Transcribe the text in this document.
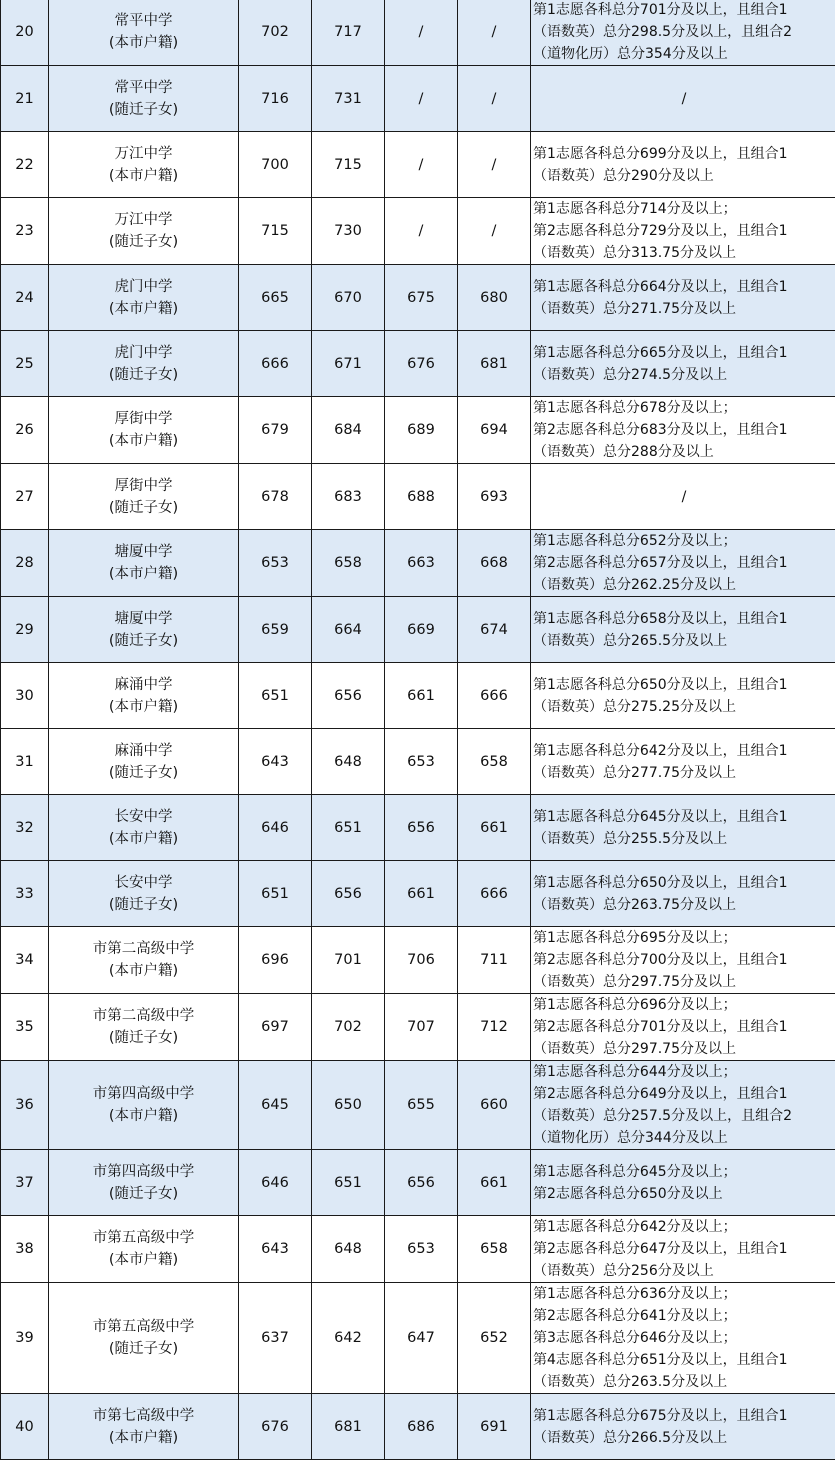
20	常平中学
(本市户籍)	702	717	/	/	第1志愿各科总分701分及以上，且组合1
（语数英）总分298.5分及以上，且组合2
（道物化历）总分354分及以上

21	常平中学
(随迁子女)	716	731	/	/	/

22	万江中学
(本市户籍)	700	715	/	/	第1志愿各科总分699分及以上，且组合1
（语数英）总分290分及以上

23	万江中学
(随迁子女)	715	730	/	/	第1志愿各科总分714分及以上；
第2志愿各科总分729分及以上，且组合1
（语数英）总分313.75分及以上

24	虎门中学
(本市户籍)	665	670	675	680	第1志愿各科总分664分及以上，且组合1
（语数英）总分271.75分及以上

25	虎门中学
(随迁子女)	666	671	676	681	第1志愿各科总分665分及以上，且组合1
（语数英）总分274.5分及以上

26	厚街中学
(本市户籍)	679	684	689	694	第1志愿各科总分678分及以上；
第2志愿各科总分683分及以上，且组合1
（语数英）总分288分及以上

27	厚街中学
(随迁子女)	678	683	688	693	/

28	塘厦中学
(本市户籍)	653	658	663	668	第1志愿各科总分652分及以上；
第2志愿各科总分657分及以上，且组合1
（语数英）总分262.25分及以上

29	塘厦中学
(随迁子女)	659	664	669	674	第1志愿各科总分658分及以上，且组合1
（语数英）总分265.5分及以上

30	麻涌中学
(本市户籍)	651	656	661	666	第1志愿各科总分650分及以上，且组合1
（语数英）总分275.25分及以上

31	麻涌中学
(随迁子女)	643	648	653	658	第1志愿各科总分642分及以上，且组合1
（语数英）总分277.75分及以上

32	长安中学
(本市户籍)	646	651	656	661	第1志愿各科总分645分及以上，且组合1
（语数英）总分255.5分及以上

33	长安中学
(随迁子女)	651	656	661	666	第1志愿各科总分650分及以上，且组合1
（语数英）总分263.75分及以上

34	市第二高级中学
(本市户籍)	696	701	706	711	第1志愿各科总分695分及以上；
第2志愿各科总分700分及以上，且组合1
（语数英）总分297.75分及以上

35	市第二高级中学
(随迁子女)	697	702	707	712	第1志愿各科总分696分及以上；
第2志愿各科总分701分及以上，且组合1
（语数英）总分297.75分及以上

36	市第四高级中学
(本市户籍)	645	650	655	660	第1志愿各科总分644分及以上；
第2志愿各科总分649分及以上，且组合1
（语数英）总分257.5分及以上，且组合2
（道物化历）总分344分及以上

37	市第四高级中学
(随迁子女)	646	651	656	661	第1志愿各科总分645分及以上；
第2志愿各科总分650分及以上

38	市第五高级中学
(本市户籍)	643	648	653	658	第1志愿各科总分642分及以上；
第2志愿各科总分647分及以上，且组合1
（语数英）总分256分及以上

39	市第五高级中学
(随迁子女)	637	642	647	652	第1志愿各科总分636分及以上；
第2志愿各科总分641分及以上；
第3志愿各科总分646分及以上；
第4志愿各科总分651分及以上，且组合1
（语数英）总分263.5分及以上

40	市第七高级中学
(本市户籍)	676	681	686	691	第1志愿各科总分675分及以上，且组合1
（语数英）总分266.5分及以上
